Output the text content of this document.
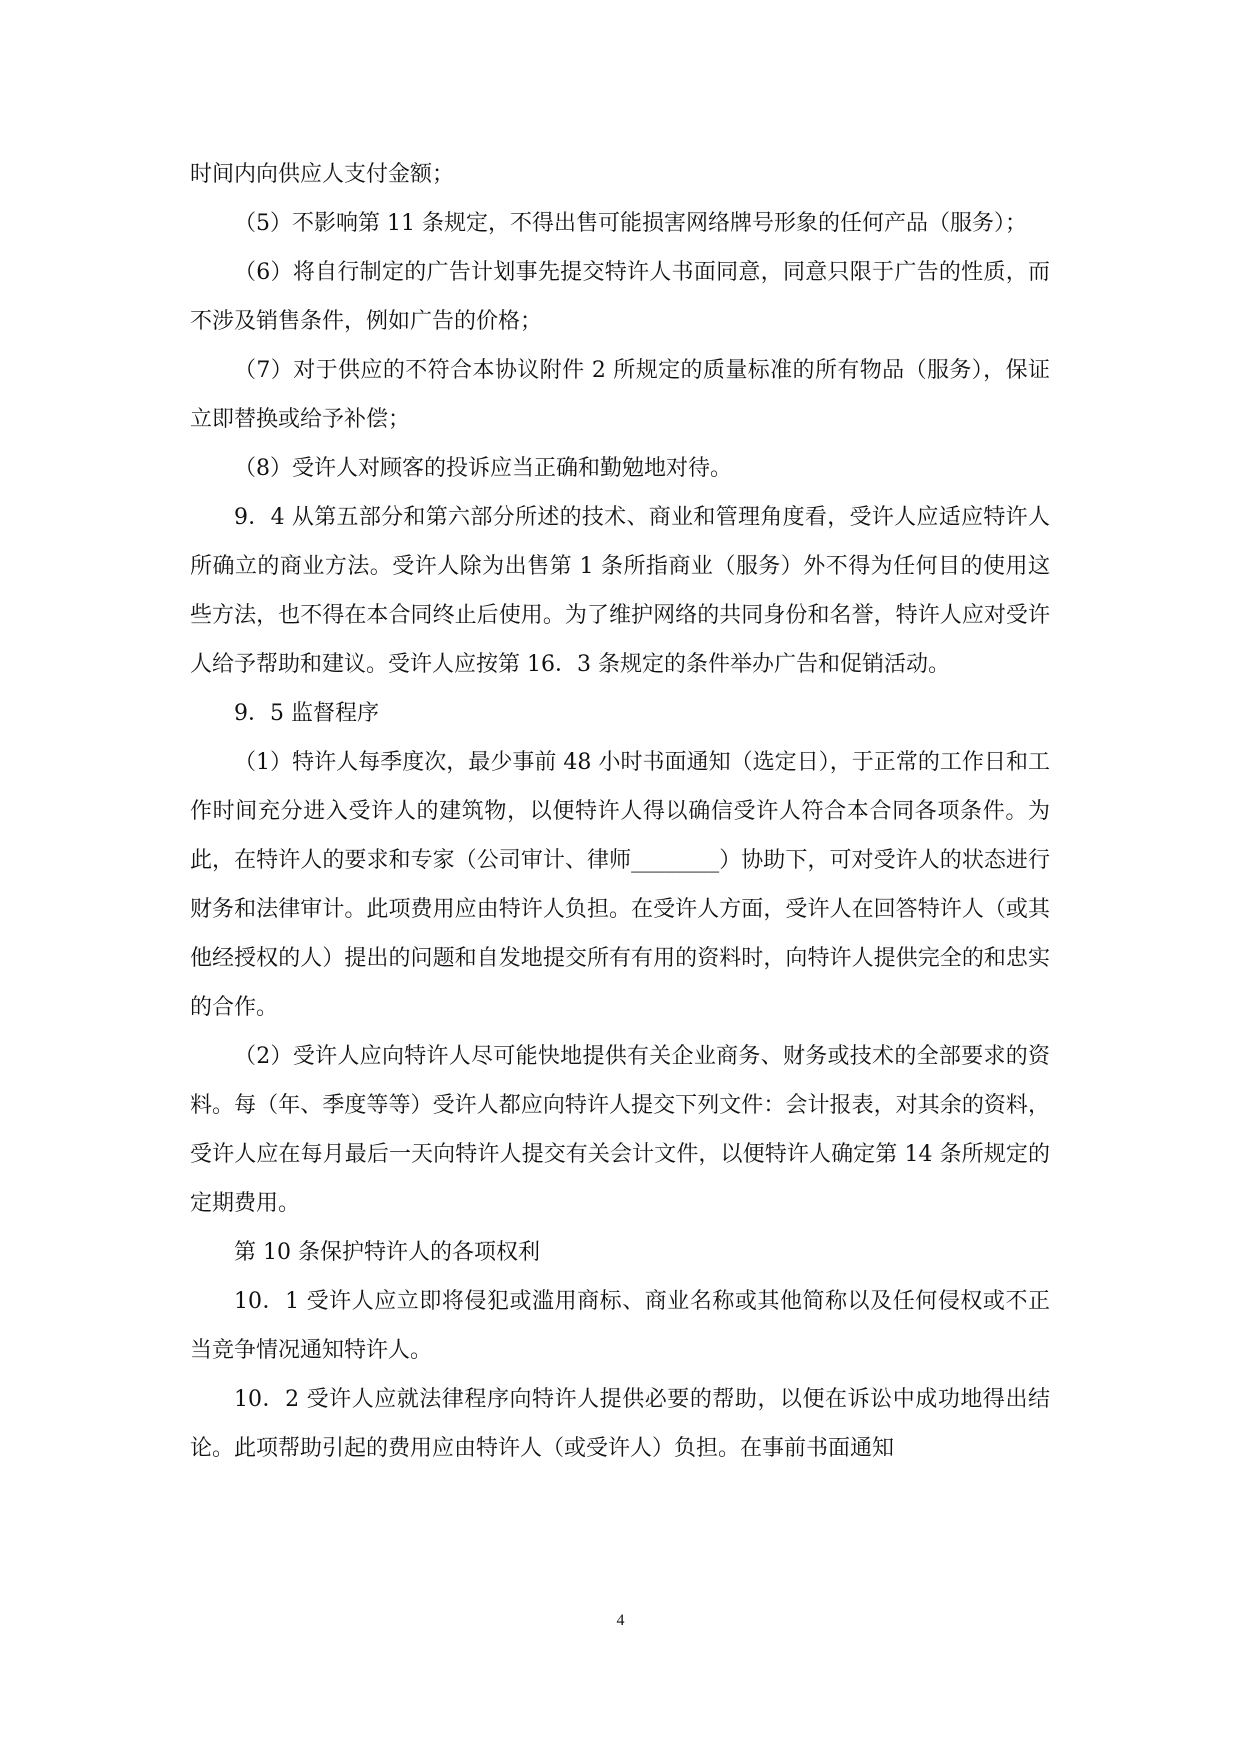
时间内向供应人支付金额；

（5）不影响第 11 条规定，不得出售可能损害网络牌号形象的任何产品（服务）；

（6）将自行制定的广告计划事先提交特许人书面同意，同意只限于广告的性质，而不涉及销售条件，例如广告的价格；

（7）对于供应的不符合本协议附件 2 所规定的质量标准的所有物品（服务），保证立即替换或给予补偿；

（8）受许人对顾客的投诉应当正确和勤勉地对待。

9．4 从第五部分和第六部分所述的技术、商业和管理角度看，受许人应适应特许人所确立的商业方法。受许人除为出售第 1 条所指商业（服务）外不得为任何目的使用这些方法，也不得在本合同终止后使用。为了维护网络的共同身份和名誉，特许人应对受许人给予帮助和建议。受许人应按第 16．3 条规定的条件举办广告和促销活动。

9．5 监督程序

（1）特许人每季度次，最少事前 48 小时书面通知（选定日），于正常的工作日和工作时间充分进入受许人的建筑物，以便特许人得以确信受许人符合本合同各项条件。为此，在特许人的要求和专家（公司审计、律师________）协助下，可对受许人的状态进行财务和法律审计。此项费用应由特许人负担。在受许人方面，受许人在回答特许人（或其他经授权的人）提出的问题和自发地提交所有有用的资料时，向特许人提供完全的和忠实的合作。

（2）受许人应向特许人尽可能快地提供有关企业商务、财务或技术的全部要求的资料。每（年、季度等等）受许人都应向特许人提交下列文件：会计报表，对其余的资料，受许人应在每月最后一天向特许人提交有关会计文件，以便特许人确定第 14 条所规定的定期费用。

第 10 条保护特许人的各项权利

10．1 受许人应立即将侵犯或滥用商标、商业名称或其他简称以及任何侵权或不正当竞争情况通知特许人。

10．2 受许人应就法律程序向特许人提供必要的帮助，以便在诉讼中成功地得出结论。此项帮助引起的费用应由特许人（或受许人）负担。在事前书面通知

4
